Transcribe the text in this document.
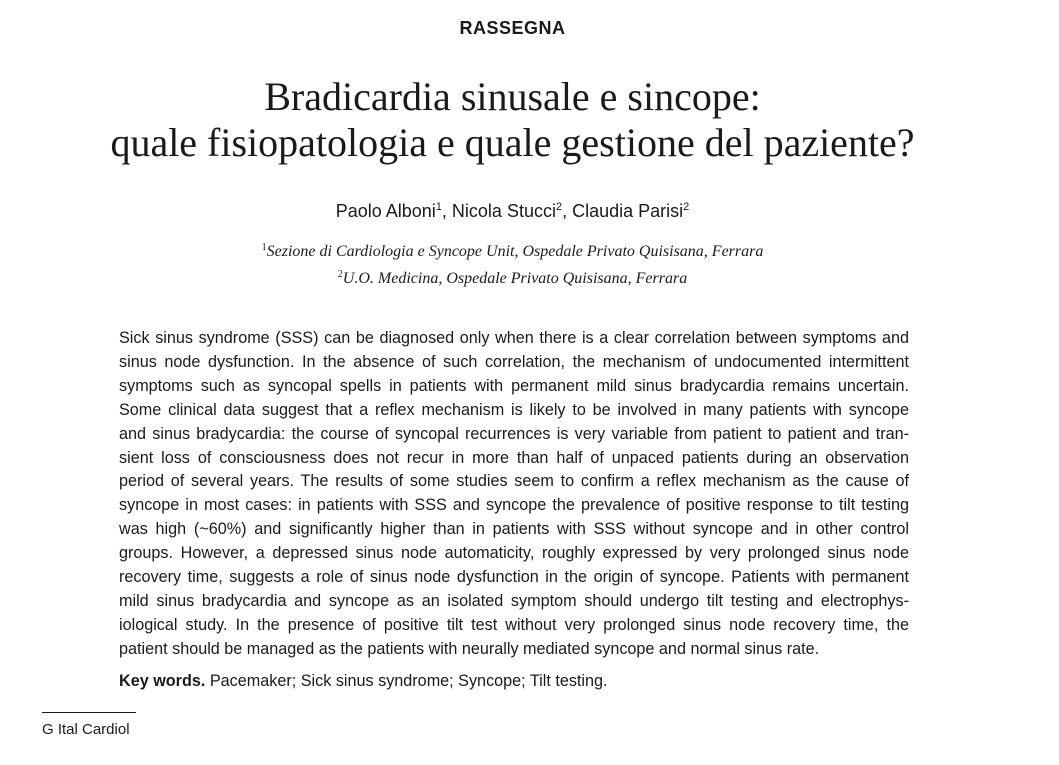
RASSEGNA
Bradicardia sinusale e sincope:
quale fisiopatologia e quale gestione del paziente?
Paolo Alboni$^1$, Nicola Stucci$^2$, Claudia Parisi$^2$
$^1$Sezione di Cardiologia e Syncope Unit, Ospedale Privato Quisisana, Ferrara
$^2$U.O. Medicina, Ospedale Privato Quisisana, Ferrara
Sick sinus syndrome (SSS) can be diagnosed only when there is a clear correlation between symptoms and
sinus node dysfunction. In the absence of such correlation, the mechanism of undocumented intermittent
symptoms such as syncopal spells in patients with permanent mild sinus bradycardia remains uncertain.
Some clinical data suggest that a reflex mechanism is likely to be involved in many patients with syncope
and sinus bradycardia: the course of syncopal recurrences is very variable from patient to patient and tran-
sient loss of consciousness does not recur in more than half of unpaced patients during an observation
period of several years. The results of some studies seem to confirm a reflex mechanism as the cause of
syncope in most cases: in patients with SSS and syncope the prevalence of positive response to tilt testing
was high (~60%) and significantly higher than in patients with SSS without syncope and in other control
groups. However, a depressed sinus node automaticity, roughly expressed by very prolonged sinus node
recovery time, suggests a role of sinus node dysfunction in the origin of syncope. Patients with permanent
mild sinus bradycardia and syncope as an isolated symptom should undergo tilt testing and electrophys-
iological study. In the presence of positive tilt test without very prolonged sinus node recovery time, the
patient should be managed as the patients with neurally mediated syncope and normal sinus rate.
Key words. Pacemaker; Sick sinus syndrome; Syncope; Tilt testing.
G Ital Cardiol
